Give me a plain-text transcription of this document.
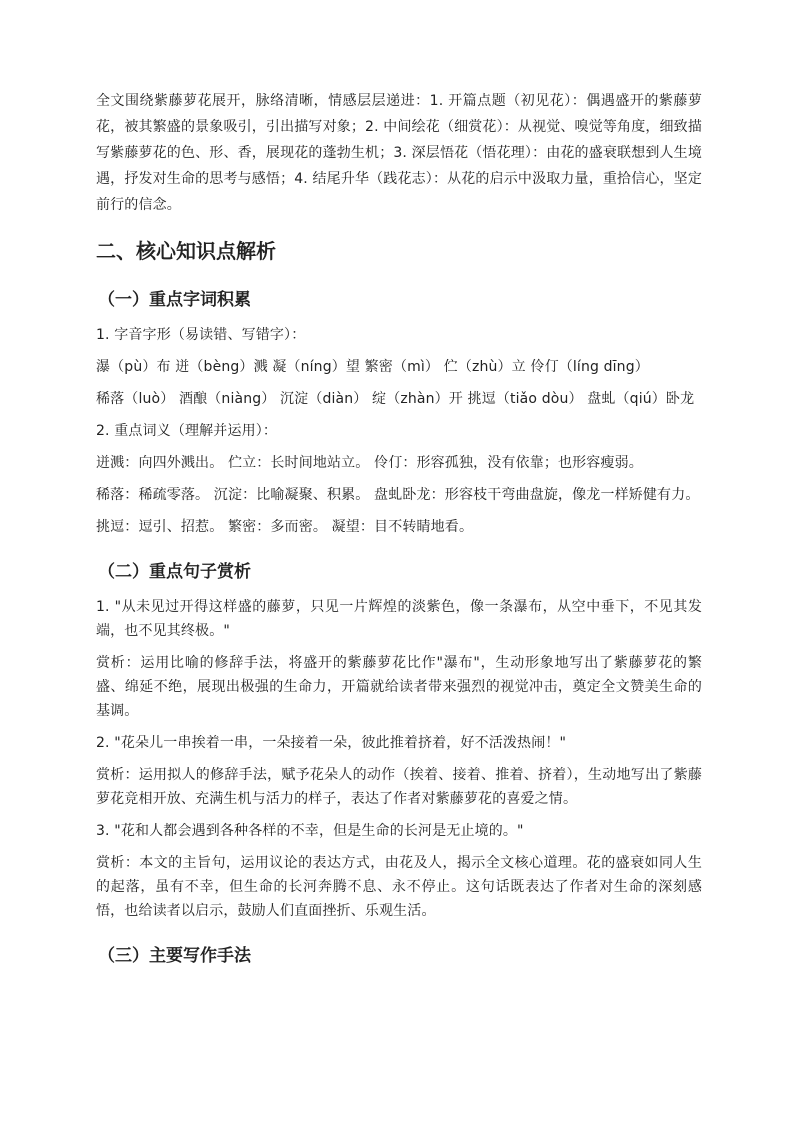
全文围绕紫藤萝花展开，脉络清晰，情感层层递进：1. 开篇点题（初见花）：偶遇盛开的紫藤萝花，被其繁盛的景象吸引，引出描写对象；2. 中间绘花（细赏花）：从视觉、嗅觉等角度，细致描写紫藤萝花的色、形、香，展现花的蓬勃生机；3. 深层悟花（悟花理）：由花的盛衰联想到人生境遇，抒发对生命的思考与感悟；4. 结尾升华（践花志）：从花的启示中汲取力量，重拾信心，坚定前行的信念。

二、核心知识点解析
（一）重点字词积累

1. 字音字形（易读错、写错字）：

瀑（pù）布 迸（bèng）溅 凝（níng）望 繁密（mì） 伫（zhù）立 伶仃（líng dīng）

稀落（luò） 酒酿（niàng） 沉淀（diàn） 绽（zhàn）开 挑逗（tiǎo dòu） 盘虬（qiú）卧龙

2. 重点词义（理解并运用）：

迸溅：向四外溅出。 伫立：长时间地站立。 伶仃：形容孤独，没有依靠；也形容瘦弱。

稀落：稀疏零落。 沉淀：比喻凝聚、积累。 盘虬卧龙：形容枝干弯曲盘旋，像龙一样矫健有力。

挑逗：逗引、招惹。 繁密：多而密。 凝望：目不转睛地看。

（二）重点句子赏析

1. "从未见过开得这样盛的藤萝，只见一片辉煌的淡紫色，像一条瀑布，从空中垂下，不见其发端，也不见其终极。"

赏析：运用比喻的修辞手法，将盛开的紫藤萝花比作"瀑布"，生动形象地写出了紫藤萝花的繁盛、绵延不绝，展现出极强的生命力，开篇就给读者带来强烈的视觉冲击，奠定全文赞美生命的基调。

2. "花朵儿一串挨着一串，一朵接着一朵，彼此推着挤着，好不活泼热闹！"

赏析：运用拟人的修辞手法，赋予花朵人的动作（挨着、接着、推着、挤着），生动地写出了紫藤萝花竞相开放、充满生机与活力的样子，表达了作者对紫藤萝花的喜爱之情。

3. "花和人都会遇到各种各样的不幸，但是生命的长河是无止境的。"

赏析：本文的主旨句，运用议论的表达方式，由花及人，揭示全文核心道理。花的盛衰如同人生的起落，虽有不幸，但生命的长河奔腾不息、永不停止。这句话既表达了作者对生命的深刻感悟，也给读者以启示，鼓励人们直面挫折、乐观生活。

（三）主要写作手法
